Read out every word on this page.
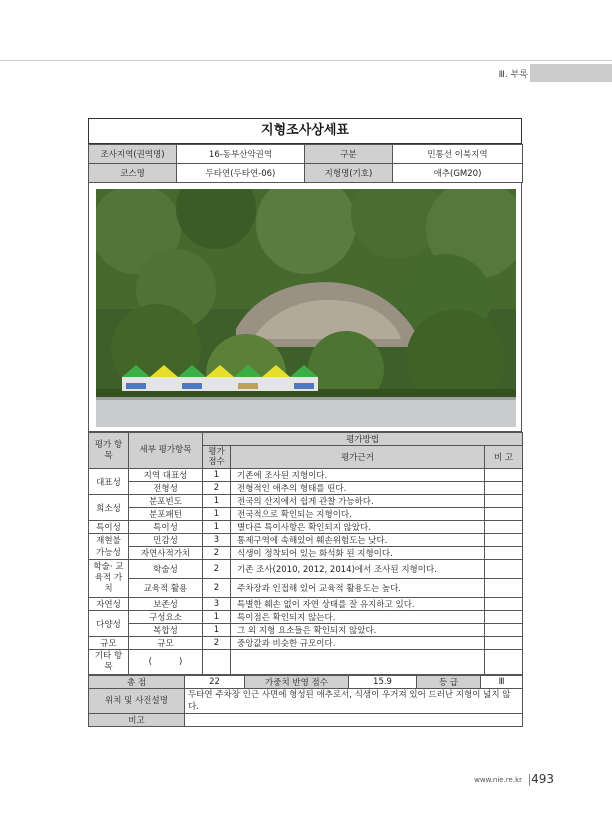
Ⅲ. 부록
지형조사상세표
조사지역(권역명)	16-동부산악권역	구분	민통선 이북지역
코스명	두타연(두타연-06)	지형명(기호)	애추(GM20)
평가 항목	세부 평가항목	평가방법		
		평가 점수	평가근거	비 고
대표성	지역 대표성	1	기존에 조사된 지형이다.	
	전형성	2	전형적인 애추의 형태를 띤다.	
희소성	분포빈도	1	전국의 산지에서 쉽게 관찰 가능하다.	
	분포패턴	1	전국적으로 확인되는 지형이다.	
특이성	특이성	1	별다른 특이사항은 확인되지 않았다.	
재현불 가능성	민감성	3	통제구역에 속해있어 훼손위험도는 낮다.	
	자연사적가치	2	식생이 정착되어 있는 화석화 된 지형이다.	
학술· 교육적 가치	학술성	2	기존 조사(2010, 2012, 2014)에서 조사된 지형이다.	
	교육적 활용	2	주차장과 인접해 있어 교육적 활용도는 높다.	
자연성	보존성	3	특별한 훼손 없이 자연 상태를 잘 유지하고 있다.	
다양성	구성요소	1	특이점은 확인되지 않는다.	
	복합성	1	그 외 지형 요소들은 확인되지 않았다.	
규모	규모	2	중앙값과 비슷한 규모이다.	
기타 항목	(          )			
총 점	22	가중치 반영 점수	15.9	등 급	Ⅲ
위치 및 사진설명	두타연 주차장 인근 사면에 형성된 애추로서, 식생이 우거져 있어 드러난 지형이 넓지 않다.				
비고					
www.nie.re.kr 493
